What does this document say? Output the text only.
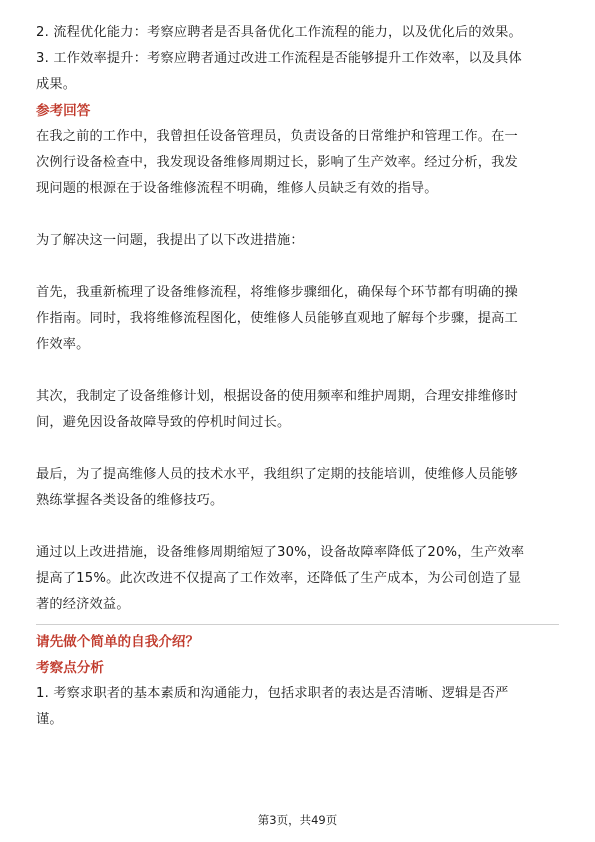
2. 流程优化能力：考察应聘者是否具备优化工作流程的能力，以及优化后的效果。
3. 工作效率提升：考察应聘者通过改进工作流程是否能够提升工作效率，以及具体
成果。
参考回答
在我之前的工作中，我曾担任设备管理员，负责设备的日常维护和管理工作。在一
次例行设备检查中，我发现设备维修周期过长，影响了生产效率。经过分析，我发
现问题的根源在于设备维修流程不明确，维修人员缺乏有效的指导。
为了解决这一问题，我提出了以下改进措施：
首先，我重新梳理了设备维修流程，将维修步骤细化，确保每个环节都有明确的操
作指南。同时，我将维修流程图化，使维修人员能够直观地了解每个步骤，提高工
作效率。
其次，我制定了设备维修计划，根据设备的使用频率和维护周期，合理安排维修时
间，避免因设备故障导致的停机时间过长。
最后，为了提高维修人员的技术水平，我组织了定期的技能培训，使维修人员能够
熟练掌握各类设备的维修技巧。
通过以上改进措施，设备维修周期缩短了30%，设备故障率降低了20%，生产效率
提高了15%。此次改进不仅提高了工作效率，还降低了生产成本，为公司创造了显
著的经济效益。
请先做个简单的自我介绍？
考察点分析
1. 考察求职者的基本素质和沟通能力，包括求职者的表达是否清晰、逻辑是否严
谨。
第3页，共49页
